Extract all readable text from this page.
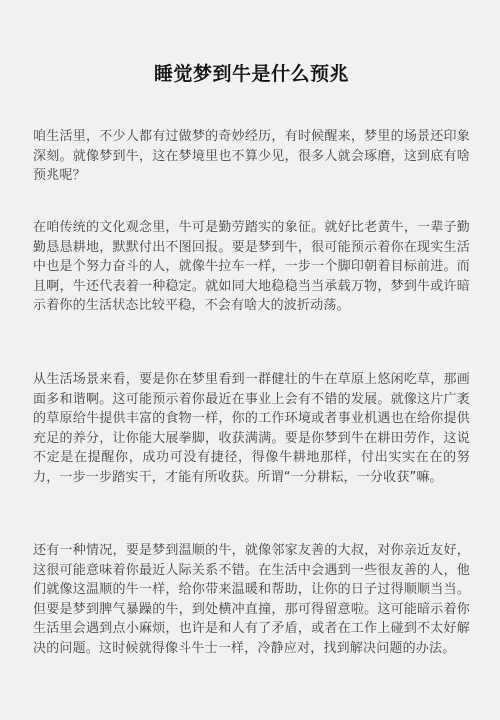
睡觉梦到牛是什么预兆

咱生活里，不少人都有过做梦的奇妙经历，有时候醒来，梦里的场景还印象深刻。就像梦到牛，这在梦境里也不算少见，很多人就会琢磨，这到底有啥预兆呢？

在咱传统的文化观念里，牛可是勤劳踏实的象征。就好比老黄牛，一辈子勤勤恳恳耕地，默默付出不图回报。要是梦到牛，很可能预示着你在现实生活中也是个努力奋斗的人，就像牛拉车一样，一步一个脚印朝着目标前进。而且啊，牛还代表着一种稳定。就如同大地稳稳当当承载万物，梦到牛或许暗示着你的生活状态比较平稳，不会有啥大的波折动荡。

从生活场景来看，要是你在梦里看到一群健壮的牛在草原上悠闲吃草，那画面多和谐啊。这可能预示着你最近在事业上会有不错的发展。就像这片广袤的草原给牛提供丰富的食物一样，你的工作环境或者事业机遇也在给你提供充足的养分，让你能大展拳脚，收获满满。要是你梦到牛在耕田劳作，这说不定是在提醒你，成功可没有捷径，得像牛耕地那样，付出实实在在的努力，一步一步踏实干，才能有所收获。所谓“一分耕耘，一分收获”嘛。

还有一种情况，要是梦到温顺的牛，就像邻家友善的大叔，对你亲近友好，这很可能意味着你最近人际关系不错。在生活中会遇到一些很友善的人，他们就像这温顺的牛一样，给你带来温暖和帮助，让你的日子过得顺顺当当。但要是梦到脾气暴躁的牛，到处横冲直撞，那可得留意啦。这可能暗示着你生活里会遇到点小麻烦，也许是和人有了矛盾，或者在工作上碰到不太好解决的问题。这时候就得像斗牛士一样，冷静应对，找到解决问题的办法。
